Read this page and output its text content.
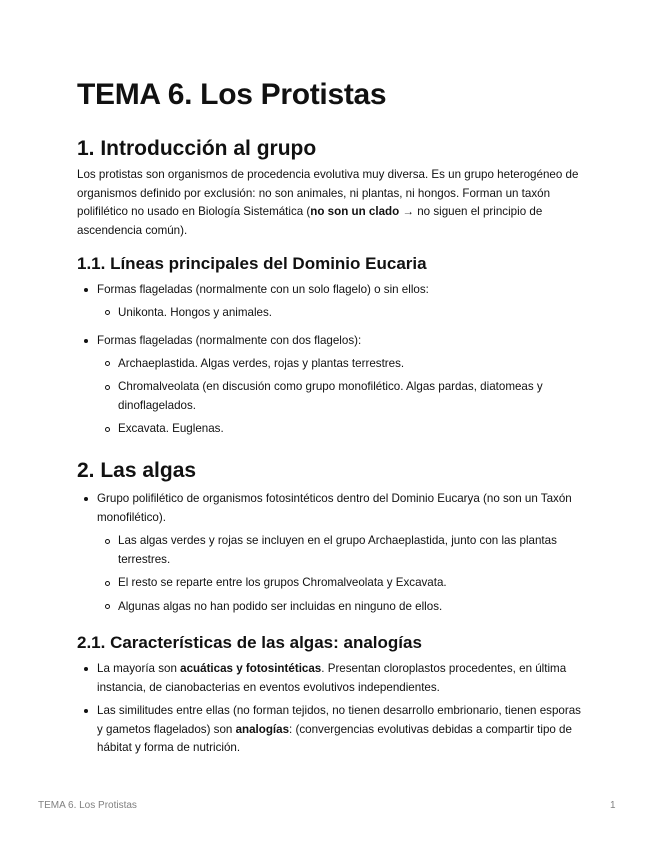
TEMA 6. Los Protistas
1. Introducción al grupo

Los protistas son organismos de procedencia evolutiva muy diversa. Es un grupo heterogéneo de organismos definido por exclusión: no son animales, ni plantas, ni hongos. Forman un taxón polifilético no usado en Biología Sistemática (no son un clado → no siguen el principio de ascendencia común).

1.1. Líneas principales del Dominio Eucaria
Formas flageladas (normalmente con un solo flagelo) o sin ellos:
Unikonta. Hongos y animales.
Formas flageladas (normalmente con dos flagelos):
Archaeplastida. Algas verdes, rojas y plantas terrestres.
Chromalveolata (en discusión como grupo monofilético. Algas pardas, diatomeas y dinoflagelados.
Excavata. Euglenas.
2. Las algas
Grupo polifilético de organismos fotosintéticos dentro del Dominio Eucarya (no son un Taxón monofilético).
Las algas verdes y rojas se incluyen en el grupo Archaeplastida, junto con las plantas terrestres.
El resto se reparte entre los grupos Chromalveolata y Excavata.
Algunas algas no han podido ser incluidas en ninguno de ellos.
2.1. Características de las algas: analogías
La mayoría son acuáticas y fotosintéticas. Presentan cloroplastos procedentes, en última instancia, de cianobacterias en eventos evolutivos independientes.
Las similitudes entre ellas (no forman tejidos, no tienen desarrollo embrionario, tienen esporas y gametos flagelados) son analogías: (convergencias evolutivas debidas a compartir tipo de hábitat y forma de nutrición.
TEMA 6. Los Protistas	1
